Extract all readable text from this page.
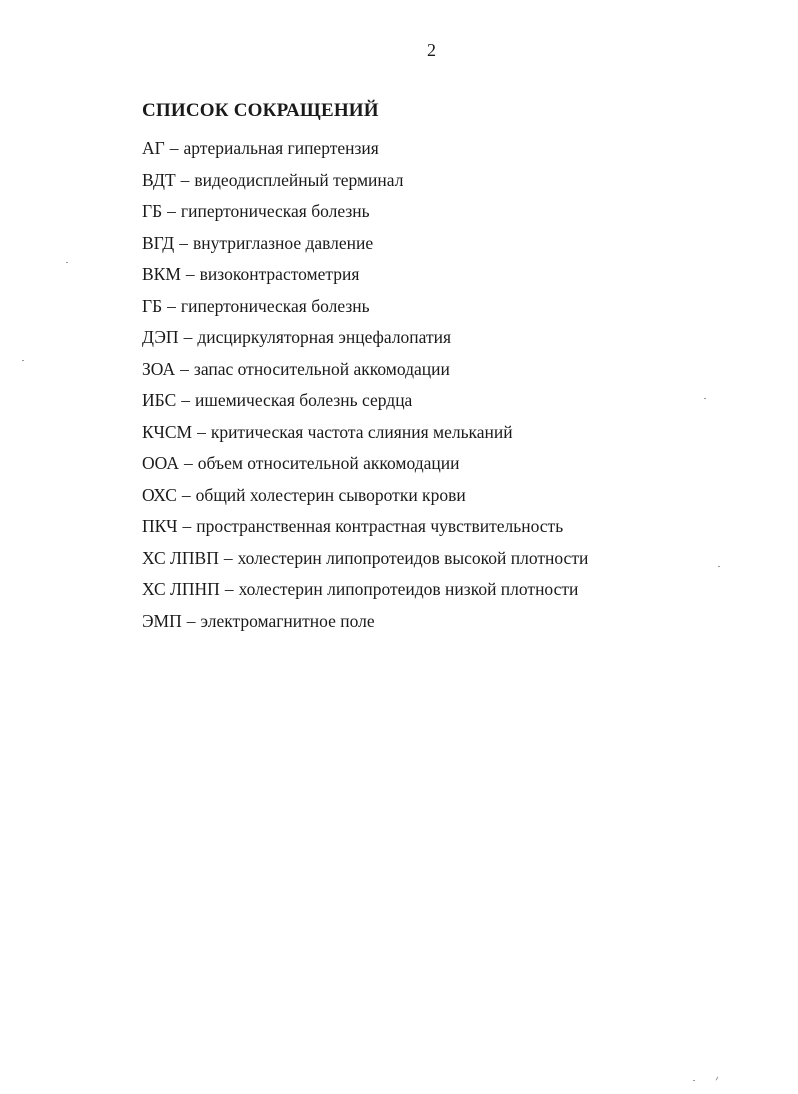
2
СПИСОК СОКРАЩЕНИЙ
АГ – артериальная гипертензия
ВДТ – видеодисплейный терминал
ГБ – гипертоническая болезнь
ВГД – внутриглазное давление
ВКМ – визоконтрастометрия
ГБ – гипертоническая болезнь
ДЭП – дисциркуляторная энцефалопатия
ЗОА – запас относительной аккомодации
ИБС – ишемическая болезнь сердца
КЧСМ – критическая частота слияния мельканий
ООА – объем относительной аккомодации
ОХС – общий холестерин сыворотки крови
ПКЧ – пространственная контрастная чувствительность
ХС ЛПВП – холестерин липопротеидов высокой плотности
ХС ЛПНП – холестерин липопротеидов низкой плотности
ЭМП – электромагнитное поле
